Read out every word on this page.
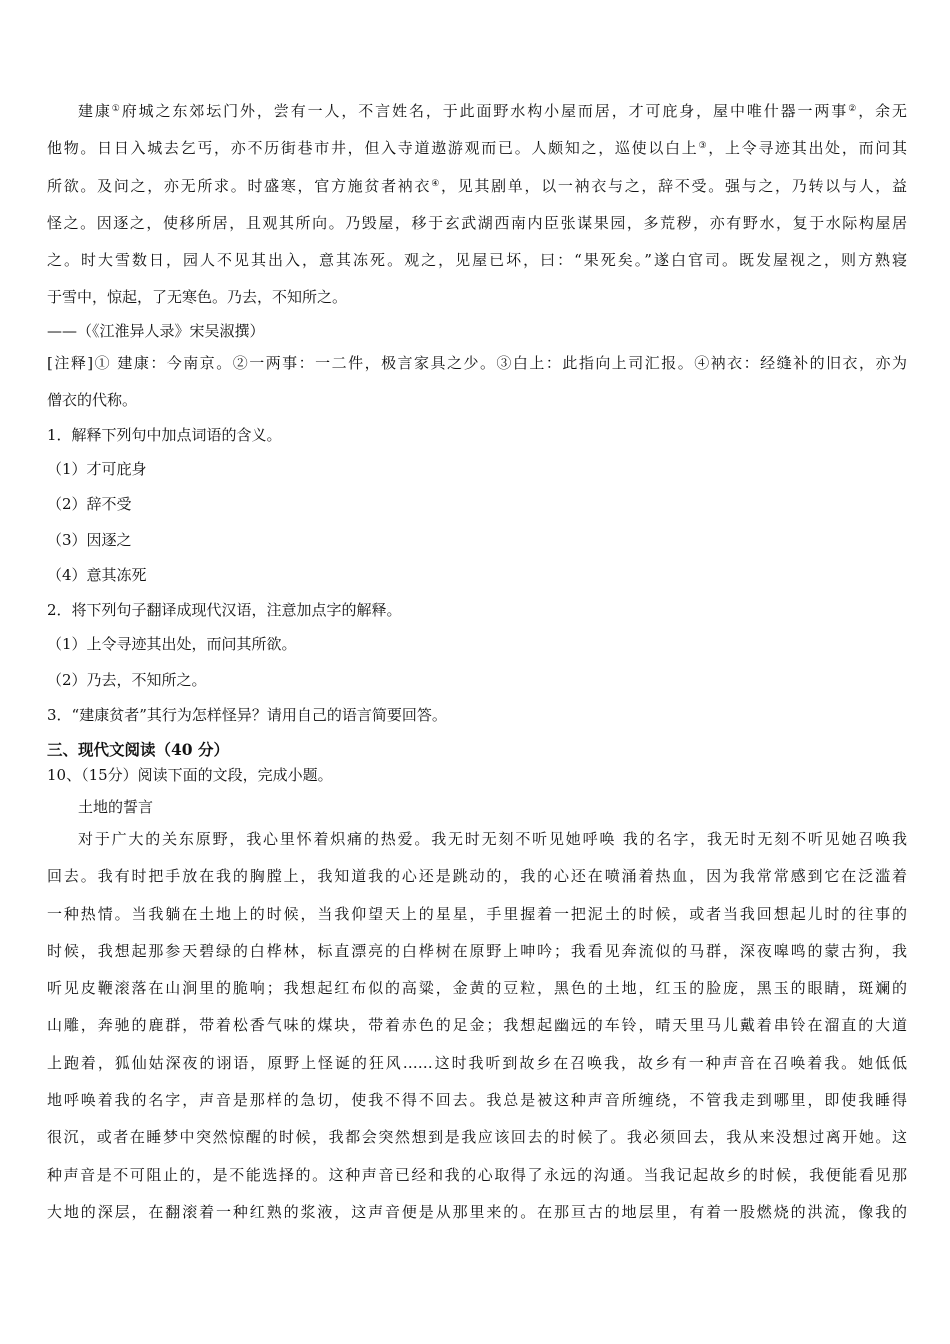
建康①府城之东郊坛门外，尝有一人，不言姓名，于此面野水构小屋而居，才可庇身，屋中唯什器一两事②，余无
他物。日日入城去乞丐，亦不历街巷市井，但入寺道遨游观而已。人颇知之，巡使以白上③，上令寻迹其出处，而问其
所欲。及问之，亦无所求。时盛寒，官方施贫者衲衣④，见其剧单，以一衲衣与之，辞不受。强与之，乃转以与人，益
怪之。因逐之，使移所居，且观其所向。乃毁屋，移于玄武湖西南内臣张谋果园，多荒秽，亦有野水，复于水际构屋居
之。时大雪数日，园人不见其出入，意其冻死。观之，见屋已坏，曰：“果死矣。”遂白官司。既发屋视之，则方熟寝
于雪中，惊起，了无寒色。乃去，不知所之。
——（《江淮异人录》宋吴淑撰）
[注释]① 建康：今南京。②一两事：一二件，极言家具之少。③白上：此指向上司汇报。④衲衣：经缝补的旧衣，亦为
僧衣的代称。
1．解释下列句中加点词语的含义。
（1）才可庇身
（2）辞不受
（3）因逐之
（4）意其冻死
2．将下列句子翻译成现代汉语，注意加点字的解释。
（1）上令寻迹其出处，而问其所欲。
（2）乃去，不知所之。
3．“建康贫者”其行为怎样怪异？请用自己的语言简要回答。
三、现代文阅读（40 分）
10、（15分）阅读下面的文段，完成小题。
土地的誓言
对于广大的关东原野，我心里怀着炽痛的热爱。我无时无刻不听见她呼唤 我的名字，我无时无刻不听见她召唤我
回去。我有时把手放在我的胸膛上，我知道我的心还是跳动的，我的心还在喷涌着热血，因为我常常感到它在泛滥着
一种热情。当我躺在土地上的时候，当我仰望天上的星星，手里握着一把泥土的时候，或者当我回想起儿时的往事的
时候，我想起那参天碧绿的白桦林，标直漂亮的白桦树在原野上呻吟；我看见奔流似的马群，深夜嗥鸣的蒙古狗，我
听见皮鞭滚落在山涧里的脆响；我想起红布似的高粱，金黄的豆粒，黑色的土地，红玉的脸庞，黑玉的眼睛，斑斓的
山雕，奔驰的鹿群，带着松香气味的煤块，带着赤色的足金；我想起幽远的车铃，晴天里马儿戴着串铃在溜直的大道
上跑着，狐仙姑深夜的诩语，原野上怪诞的狂风……这时我听到故乡在召唤我，故乡有一种声音在召唤着我。她低低
地呼唤着我的名字，声音是那样的急切，使我不得不回去。我总是被这种声音所缠绕，不管我走到哪里，即使我睡得
很沉，或者在睡梦中突然惊醒的时候，我都会突然想到是我应该回去的时候了。我必须回去，我从来没想过离开她。这
种声音是不可阻止的，是不能选择的。这种声音已经和我的心取得了永远的沟通。当我记起故乡的时候，我便能看见那
大地的深层，在翻滚着一种红熟的浆液，这声音便是从那里来的。在那亘古的地层里，有着一股燃烧的洪流，像我的
